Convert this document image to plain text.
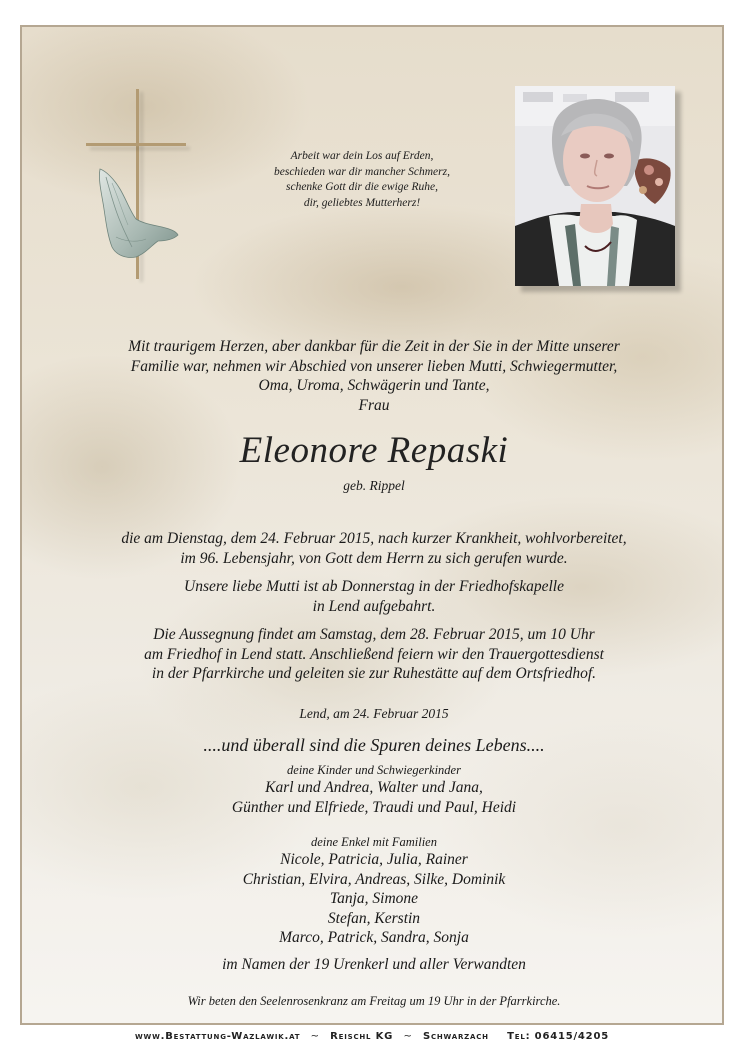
Arbeit war dein Los auf Erden,
beschieden war dir mancher Schmerz,
schenke Gott dir die ewige Ruhe,
dir, geliebtes Mutterherz!
Mit traurigem Herzen, aber dankbar für die Zeit in der Sie in der Mitte unserer
Familie war, nehmen wir Abschied von unserer lieben Mutti, Schwiegermutter,
Oma, Uroma, Schwägerin und Tante,
Frau
Eleonore Repaski
geb. Rippel
die am Dienstag, dem 24. Februar 2015, nach kurzer Krankheit, wohlvorbereitet,
im 96. Lebensjahr, von Gott dem Herrn zu sich gerufen wurde.
Unsere liebe Mutti ist ab Donnerstag in der Friedhofskapelle
in Lend aufgebahrt.
Die Aussegnung findet am Samstag, dem 28. Februar 2015, um 10 Uhr
am Friedhof in Lend statt. Anschließend feiern wir den Trauergottesdienst
in der Pfarrkirche und geleiten sie zur Ruhestätte auf dem Ortsfriedhof.
Lend, am 24. Februar 2015
....und überall sind die Spuren deines Lebens....
deine Kinder und Schwiegerkinder
Karl und Andrea, Walter und Jana,
Günther und Elfriede, Traudi und Paul, Heidi
deine Enkel mit Familien
Nicole, Patricia, Julia, Rainer
Christian, Elvira, Andreas, Silke, Dominik
Tanja, Simone
Stefan, Kerstin
Marco, Patrick, Sandra, Sonja
im Namen der 19 Urenkerl und aller Verwandten
Wir beten den Seelenrosenkranz am Freitag um 19 Uhr in der Pfarrkirche.
www.Bestattung-Wazlawik.at ~ Reischl KG ~ Schwarzach Tel: 06415/4205
